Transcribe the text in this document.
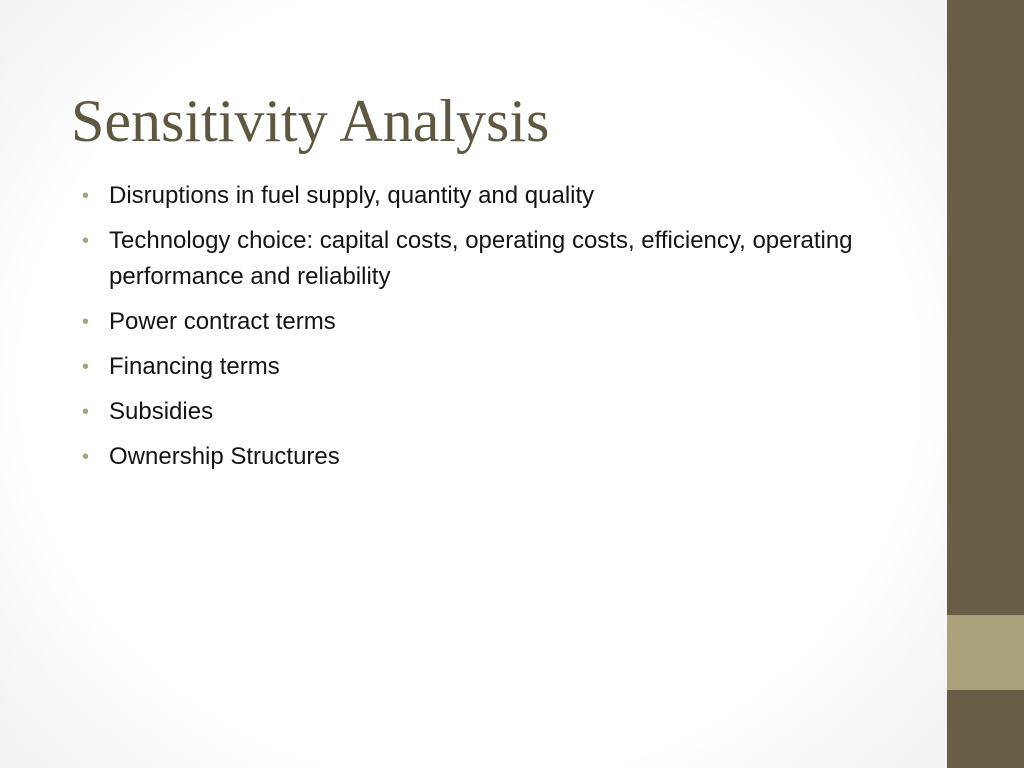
Sensitivity Analysis
• Disruptions in fuel supply, quantity and quality
• Technology choice: capital costs, operating costs, efficiency, operating performance and reliability
• Power contract terms
• Financing terms
• Subsidies
• Ownership Structures
